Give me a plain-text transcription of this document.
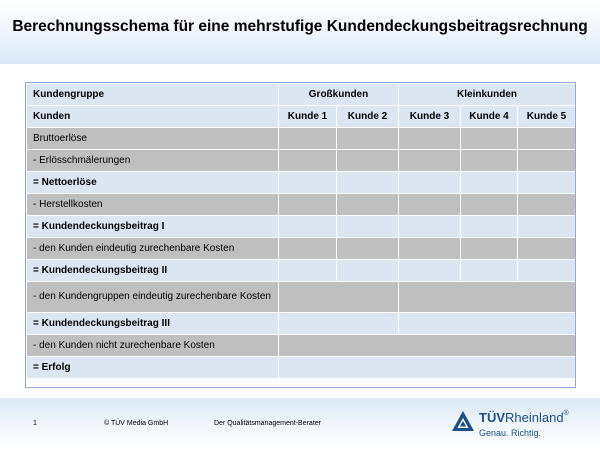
Berechnungsschema für eine mehrstufige Kundendeckungsbeitragsrechnung
Kundengruppe	Großkunden		Kleinkunden		
Kunden	Kunde 1	Kunde 2	Kunde 3	Kunde 4	Kunde 5
Bruttoerlöse					
- Erlösschmälerungen					
= Nettoerlöse					
- Herstellkosten					
= Kundendeckungsbeitrag I					
- den Kunden eindeutig zurechenbare Kosten					
= Kundendeckungsbeitrag II					
- den Kundengruppen eindeutig zurechenbare Kosten					
= Kundendeckungsbeitrag III					
- den Kunden nicht zurechenbare Kosten					
= Erfolg					
1	© TÜV Media GmbH	Der Qualitätsmanagement-Berater	TÜVRheinland®
Genau. Richtig.
